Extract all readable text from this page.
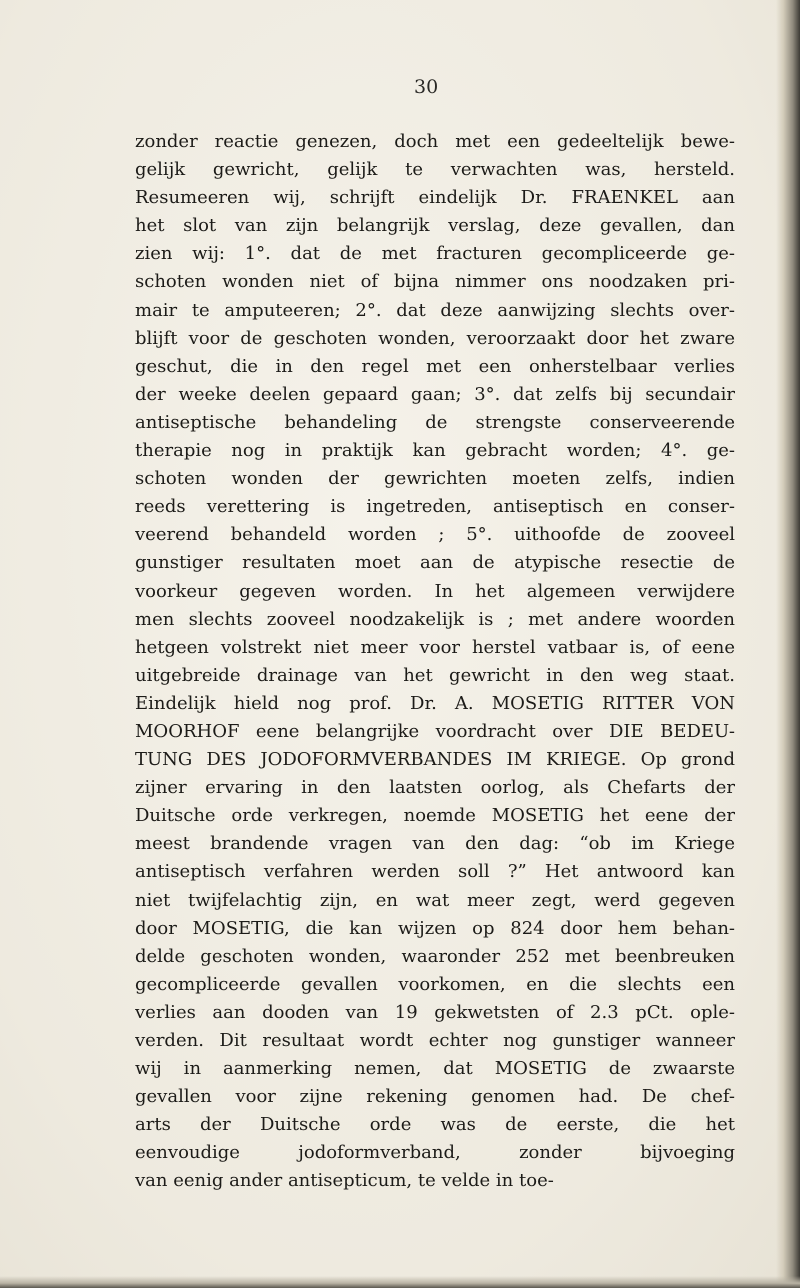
30
zonder reactie genezen, doch met een gedeeltelijk bewe-
gelijk gewricht, gelijk te verwachten was, hersteld.
Resumeeren wij, schrijft eindelijk Dr. FRAENKEL aan
het slot van zijn belangrijk verslag, deze gevallen, dan
zien wij: 1°. dat de met fracturen gecompliceerde ge-
schoten wonden niet of bijna nimmer ons noodzaken pri-
mair te amputeeren; 2°. dat deze aanwijzing slechts over-
blijft voor de geschoten wonden, veroorzaakt door het zware
geschut, die in den regel met een onherstelbaar verlies
der weeke deelen gepaard gaan; 3°. dat zelfs bij secundair
antiseptische behandeling de strengste conserveerende
therapie nog in praktijk kan gebracht worden; 4°. ge-
schoten wonden der gewrichten moeten zelfs, indien
reeds verettering is ingetreden, antiseptisch en conser-
veerend behandeld worden ; 5°. uithoofde de zooveel
gunstiger resultaten moet aan de atypische resectie de
voorkeur gegeven worden. In het algemeen verwijdere
men slechts zooveel noodzakelijk is ; met andere woorden
hetgeen volstrekt niet meer voor herstel vatbaar is, of eene
uitgebreide drainage van het gewricht in den weg staat.
Eindelijk hield nog prof. Dr. A. MOSETIG RITTER VON
MOORHOF eene belangrijke voordracht over DIE BEDEU-
TUNG DES JODOFORMVERBANDES IM KRIEGE. Op grond
zijner ervaring in den laatsten oorlog, als Chefarts der
Duitsche orde verkregen, noemde MOSETIG het eene der
meest brandende vragen van den dag: “ob im Kriege
antiseptisch verfahren werden soll ?” Het antwoord kan
niet twijfelachtig zijn, en wat meer zegt, werd gegeven
door MOSETIG, die kan wijzen op 824 door hem behan-
delde geschoten wonden, waaronder 252 met beenbreuken
gecompliceerde gevallen voorkomen, en die slechts een
verlies aan dooden van 19 gekwetsten of 2.3 pCt. ople-
verden. Dit resultaat wordt echter nog gunstiger wanneer
wij in aanmerking nemen, dat MOSETIG de zwaarste
gevallen voor zijne rekening genomen had. De chef-
arts der Duitsche orde was de eerste, die het
eenvoudige jodoformverband, zonder bijvoeging
van eenig ander antisepticum, te velde in toe-
